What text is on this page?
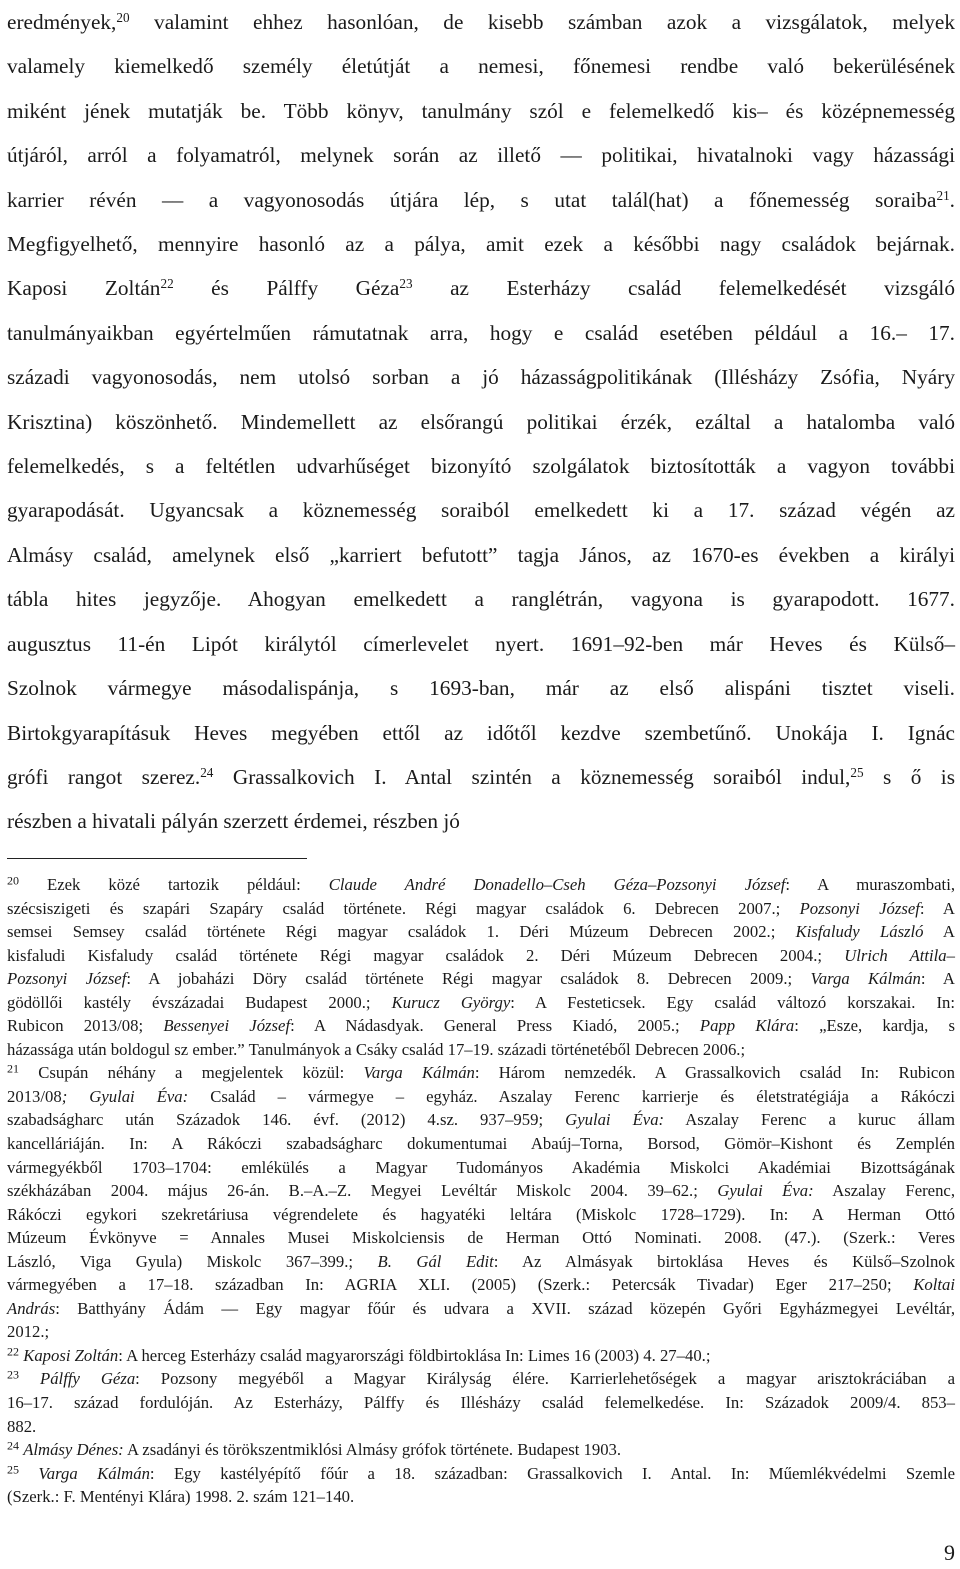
eredmények,$^{20}$ valamint ehhez hasonlóan, de kisebb számban azok a vizsgálatok, melyek
valamely kiemelkedő személy életútját a nemesi, főnemesi rendbe való bekerülésének
miként jének mutatják be. Több könyv, tanulmány szól e felemelkedő kis– és középnemesség
útjáról, arról a folyamatról, melynek során az illető –– politikai, hivatalnoki vagy házassági
karrier révén –– a vagyonosodás útjára lép, s utat talál(hat) a főnemesség soraiba$^{21}$.
Megfigyelhető, mennyire hasonló az a pálya, amit ezek a későbbi nagy családok bejárnak.
Kaposi Zoltán$^{22}$ és Pálffy Géza$^{23}$ az Esterházy család felemelkedését vizsgáló
tanulmányaikban egyértelműen rámutatnak arra, hogy e család esetében például a 16.– 17.
századi vagyonosodás, nem utolsó sorban a jó házasságpolitikának (Illésházy Zsófia, Nyáry
Krisztina) köszönhető. Mindemellett az elsőrangú politikai érzék, ezáltal a hatalomba való
felemelkedés, s a feltétlen udvarhűséget bizonyító szolgálatok biztosították a vagyon további
gyarapodását. Ugyancsak a köznemesség soraiból emelkedett ki a 17. század végén az
Almásy család, amelynek első „karriert befutott” tagja János, az 1670-es években a királyi
tábla hites jegyzője. Ahogyan emelkedett a ranglétrán, vagyona is gyarapodott. 1677.
augusztus 11-én Lipót királytól címerlevelet nyert. 1691–92-ben már Heves és Külső–
Szolnok vármegye másodalispánja, s 1693-ban, már az első alispáni tisztet viseli.
Birtokgyarapításuk Heves megyében ettől az időtől kezdve szembetűnő. Unokája I. Ignác
grófi rangot szerez.$^{24}$ Grassalkovich I. Antal szintén a köznemesség soraiból indul,$^{25}$ s ő is
részben a hivatali pályán szerzett érdemei, részben jó
$^{20}$ Ezek közé tartozik például: Claude André Donadello–Cseh Géza–Pozsonyi József: A muraszombati,
szécsiszigeti és szapári Szapáry család története. Régi magyar családok 6. Debrecen 2007.; Pozsonyi József: A
semsei Semsey család története Régi magyar családok 1. Déri Múzeum Debrecen 2002.; Kisfaludy László A
kisfaludi Kisfaludy család története Régi magyar családok 2. Déri Múzeum Debrecen 2004.; Ulrich Attila–
Pozsonyi József: A jobaházi Döry család története Régi magyar családok 8. Debrecen 2009.; Varga Kálmán: A
gödöllői kastély évszázadai Budapest 2000.; Kurucz György: A Festeticsek. Egy család változó korszakai. In:
Rubicon 2013/08; Bessenyei József: A Nádasdyak. General Press Kiadó, 2005.; Papp Klára: „Esze, kardja, s
házassága után boldogul sz ember.” Tanulmányok a Csáky család 17–19. századi történetéből Debrecen 2006.;
$^{21}$ Csupán néhány a megjelentek közül: Varga Kálmán: Három nemzedék. A Grassalkovich család In: Rubicon
2013/08; Gyulai Éva: Család – vármegye – egyház. Aszalay Ferenc karrierje és életstratégiája a Rákóczi
szabadságharc után Századok 146. évf. (2012) 4.sz. 937–959; Gyulai Éva: Aszalay Ferenc a kuruc állam
kancelláriáján. In: A Rákóczi szabadságharc dokumentumai Abaúj–Torna, Borsod, Gömör–Kishont és Zemplén
vármegyékből 1703–1704: emlékülés a Magyar Tudományos Akadémia Miskolci Akadémiai Bizottságának
székházában 2004. május 26-án. B.–A.–Z. Megyei Levéltár Miskolc 2004. 39–62.; Gyulai Éva: Aszalay Ferenc,
Rákóczi egykori szekretáriusa végrendelete és hagyatéki leltára (Miskolc 1728–1729). In: A Herman Ottó
Múzeum Évkönyve = Annales Musei Miskolciensis de Herman Ottó Nominati. 2008. (47.). (Szerk.: Veres
László, Viga Gyula) Miskolc 367–399.; B. Gál Edit: Az Almásyak birtoklása Heves és Külső–Szolnok
vármegyében a 17–18. században In: AGRIA XLI. (2005) (Szerk.: Petercsák Tivadar) Eger 217–250; Koltai
András: Batthyány Ádám — Egy magyar főúr és udvara a XVII. század közepén Győri Egyházmegyei Levéltár,
2012.;
$^{22}$ Kaposi Zoltán: A herceg Esterházy család magyarországi földbirtoklása In: Limes 16 (2003) 4. 27–40.;
$^{23}$ Pálffy Géza: Pozsony megyéből a Magyar Királyság élére. Karrierlehetőségek a magyar arisztokráciában a
16–17. század fordulóján. Az Esterházy, Pálffy és Illésházy család felemelkedése. In: Századok 2009/4. 853–
882.
$^{24}$ Almásy Dénes: A zsadányi és törökszentmiklósi Almásy grófok története. Budapest 1903.
$^{25}$ Varga Kálmán: Egy kastélyépítő főúr a 18. században: Grassalkovich I. Antal. In: Műemlékvédelmi Szemle
(Szerk.: F. Mentényi Klára) 1998. 2. szám 121–140.
9
